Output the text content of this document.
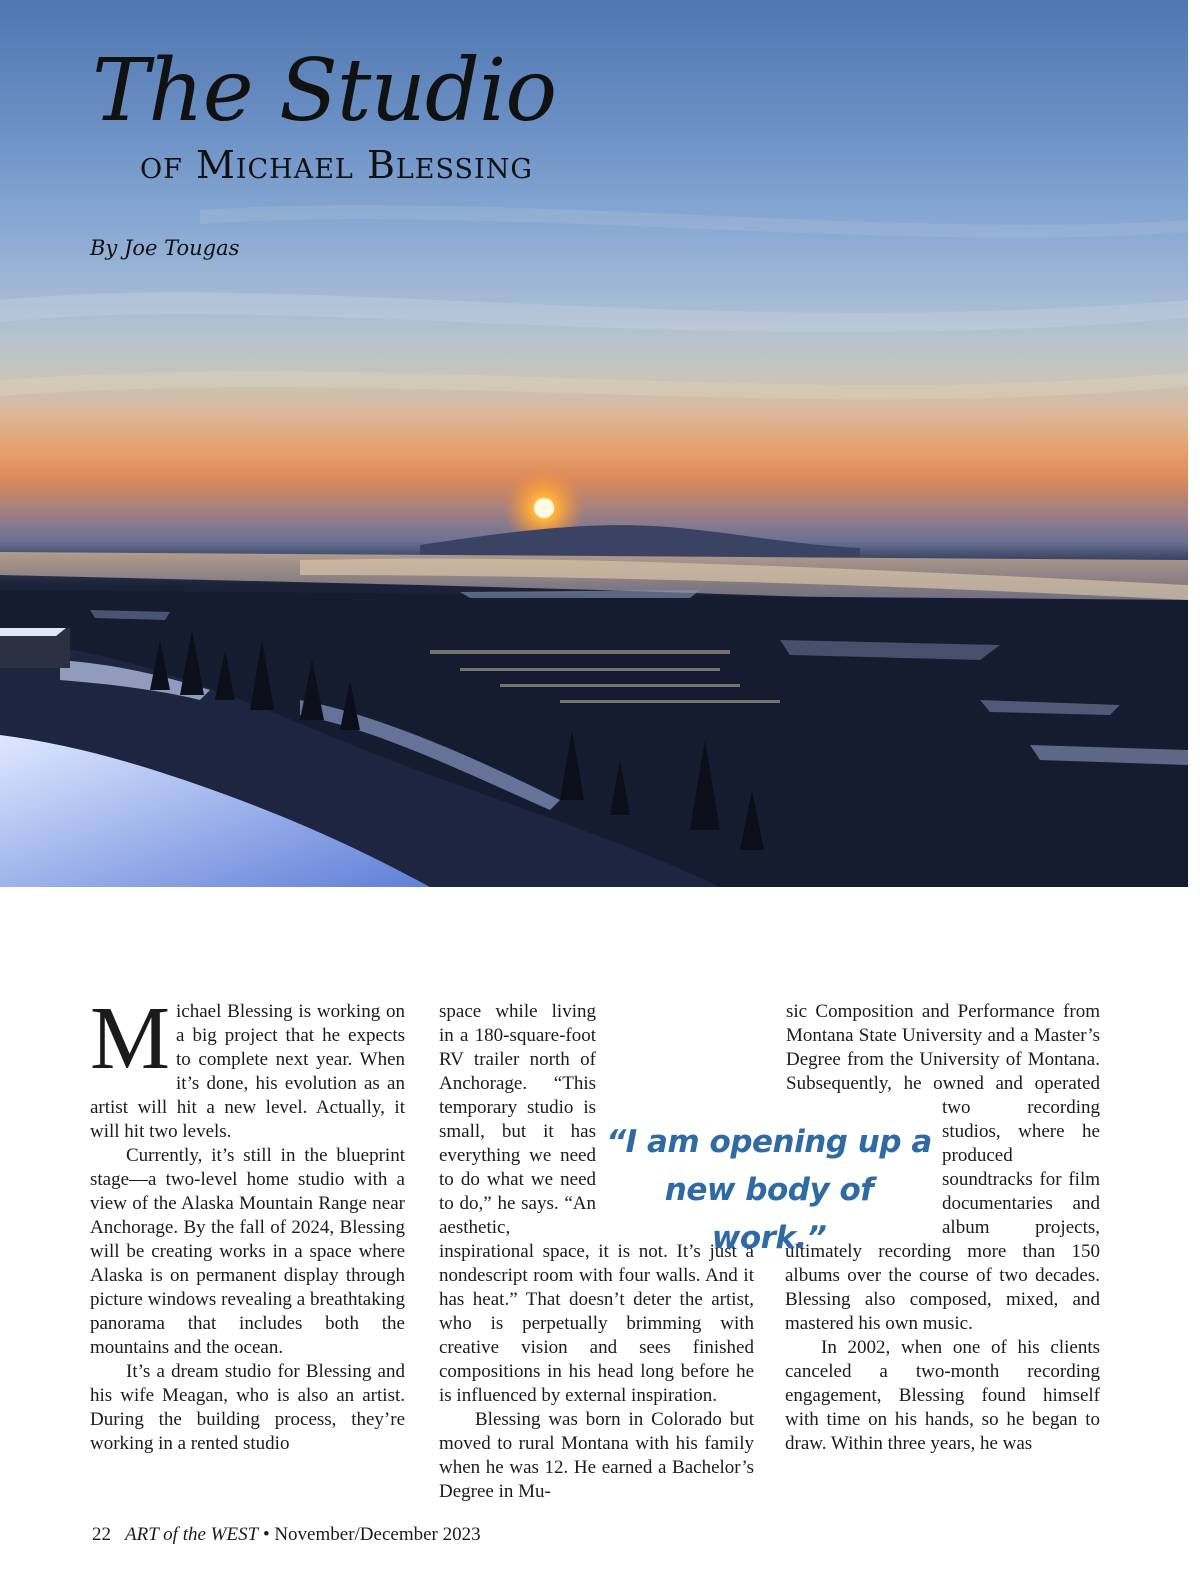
The Studio
of Michael Blessing
By Joe Tougas
M ichael Blessing is working on a big project that he expects to complete next year. When it’s done, his evolution as an artist will hit a new level. Actually, it will hit two levels.

Currently, it’s still in the blueprint stage—a two-level home studio with a view of the Alaska Mountain Range near Anchorage. By the fall of 2024, Blessing will be creating works in a space where Alaska is on permanent display through picture windows revealing a breathtaking panorama that includes both the mountains and the ocean.

It’s a dream studio for Blessing and his wife Meagan, who is also an artist. During the building process, they’re working in a rented studio

space while living in a 180-square-foot RV trailer north of Anchorage. “This temporary studio is small, but it has everything we need to do what we need to do,” he says. “An aesthetic, inspirational space, it is not. It’s just a nondescript room with four walls. And it has heat.” That doesn’t deter the artist, who is perpetually brimming with creative vision and sees finished compositions in his head long before he is influenced by external inspiration.

Blessing was born in Colorado but moved to rural Montana with his family when he was 12. He earned a Bachelor’s Degree in Mu-

sic Composition and Performance from Montana State University and a Master’s Degree from the University of Montana. Subsequently, he owned and operated two recording studios, where he produced soundtracks for film documentaries and album projects, ultimately recording more than 150 albums over the course of two decades. Blessing also composed, mixed, and mastered his own music.

In 2002, when one of his clients canceled a two-month recording engagement, Blessing found himself with time on his hands, so he began to draw. Within three years, he was

“I am opening up a new body of work.”
22 ART of the WEST • November/December 2023
